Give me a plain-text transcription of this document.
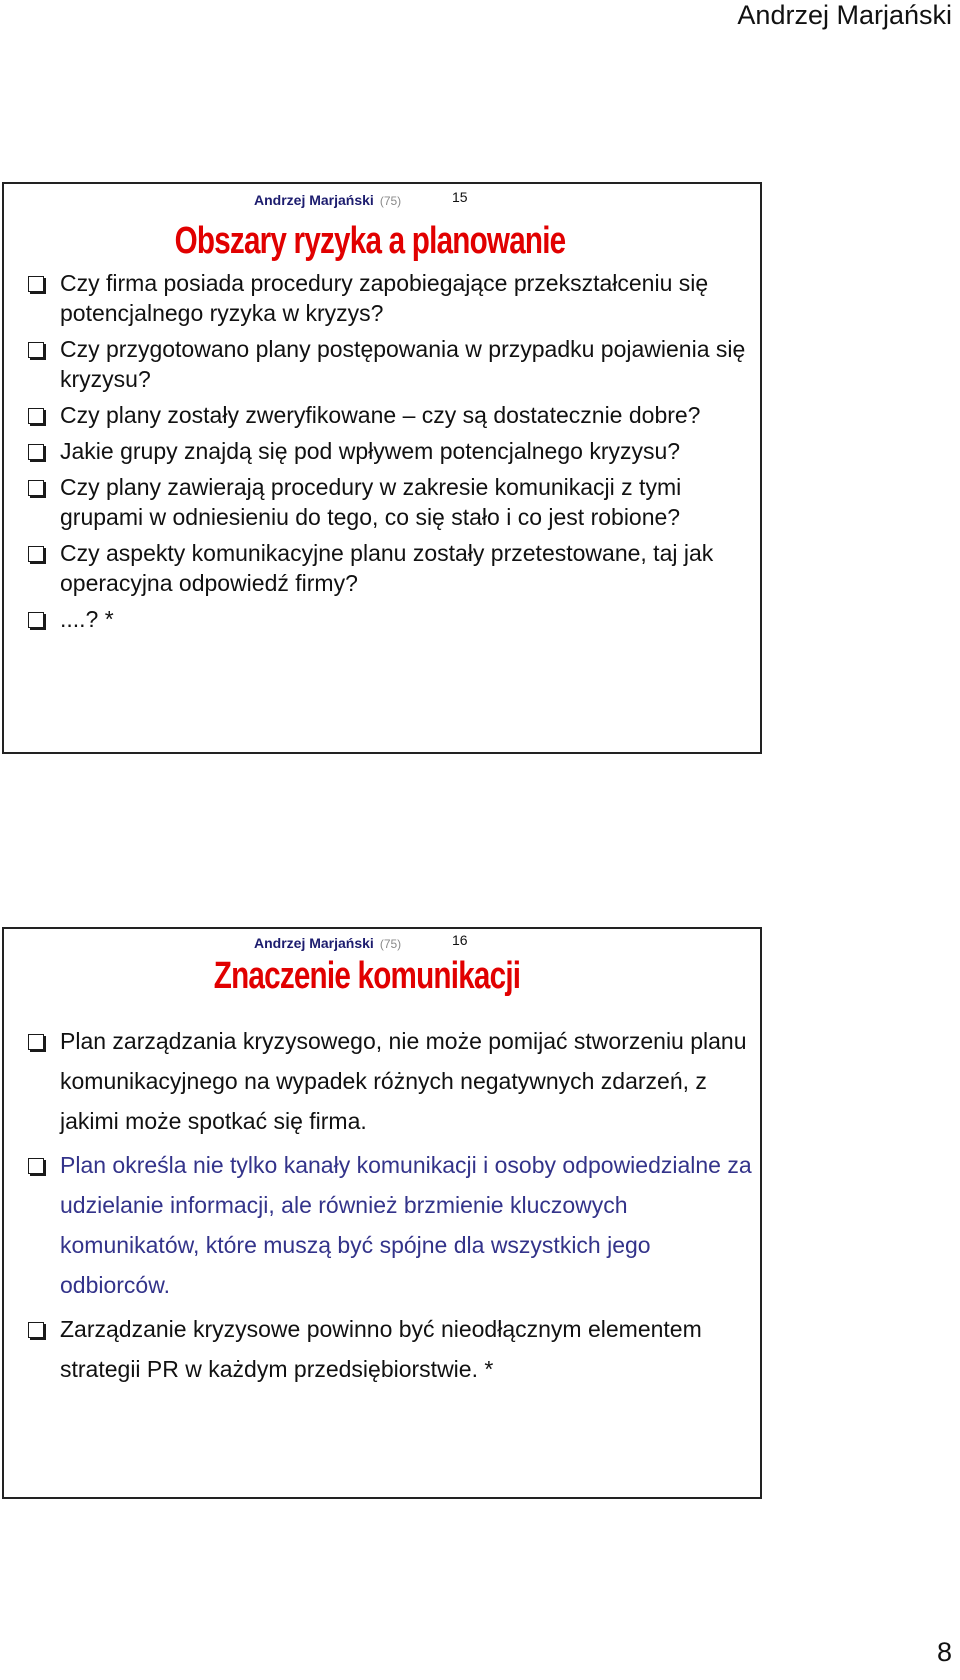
Andrzej Marjański
Andrzej Marjański (75)	15
Obszary ryzyka a planowanie
Czy firma posiada procedury zapobiegające przekształceniu się potencjalnego ryzyka w kryzys?
Czy przygotowano plany postępowania w przypadku pojawienia się kryzysu?
Czy plany zostały zweryfikowane – czy są dostatecznie dobre?
Jakie grupy znajdą się pod wpływem potencjalnego kryzysu?
Czy plany zawierają procedury w zakresie komunikacji z tymi grupami w odniesieniu do tego, co się stało i co jest robione?
Czy aspekty komunikacyjne planu zostały przetestowane, taj jak operacyjna odpowiedź firmy?
....? *
Andrzej Marjański (75)	16
Znaczenie komunikacji
Plan zarządzania kryzysowego, nie może pomijać stworzeniu planu komunikacyjnego na wypadek różnych negatywnych zdarzeń, z jakimi może spotkać się firma.
Plan określa nie tylko kanały komunikacji i osoby odpowiedzialne za udzielanie informacji, ale również brzmienie kluczowych komunikatów, które muszą być spójne dla wszystkich jego odbiorców.
Zarządzanie kryzysowe powinno być nieodłącznym elementem strategii PR w każdym przedsiębiorstwie. *
8
